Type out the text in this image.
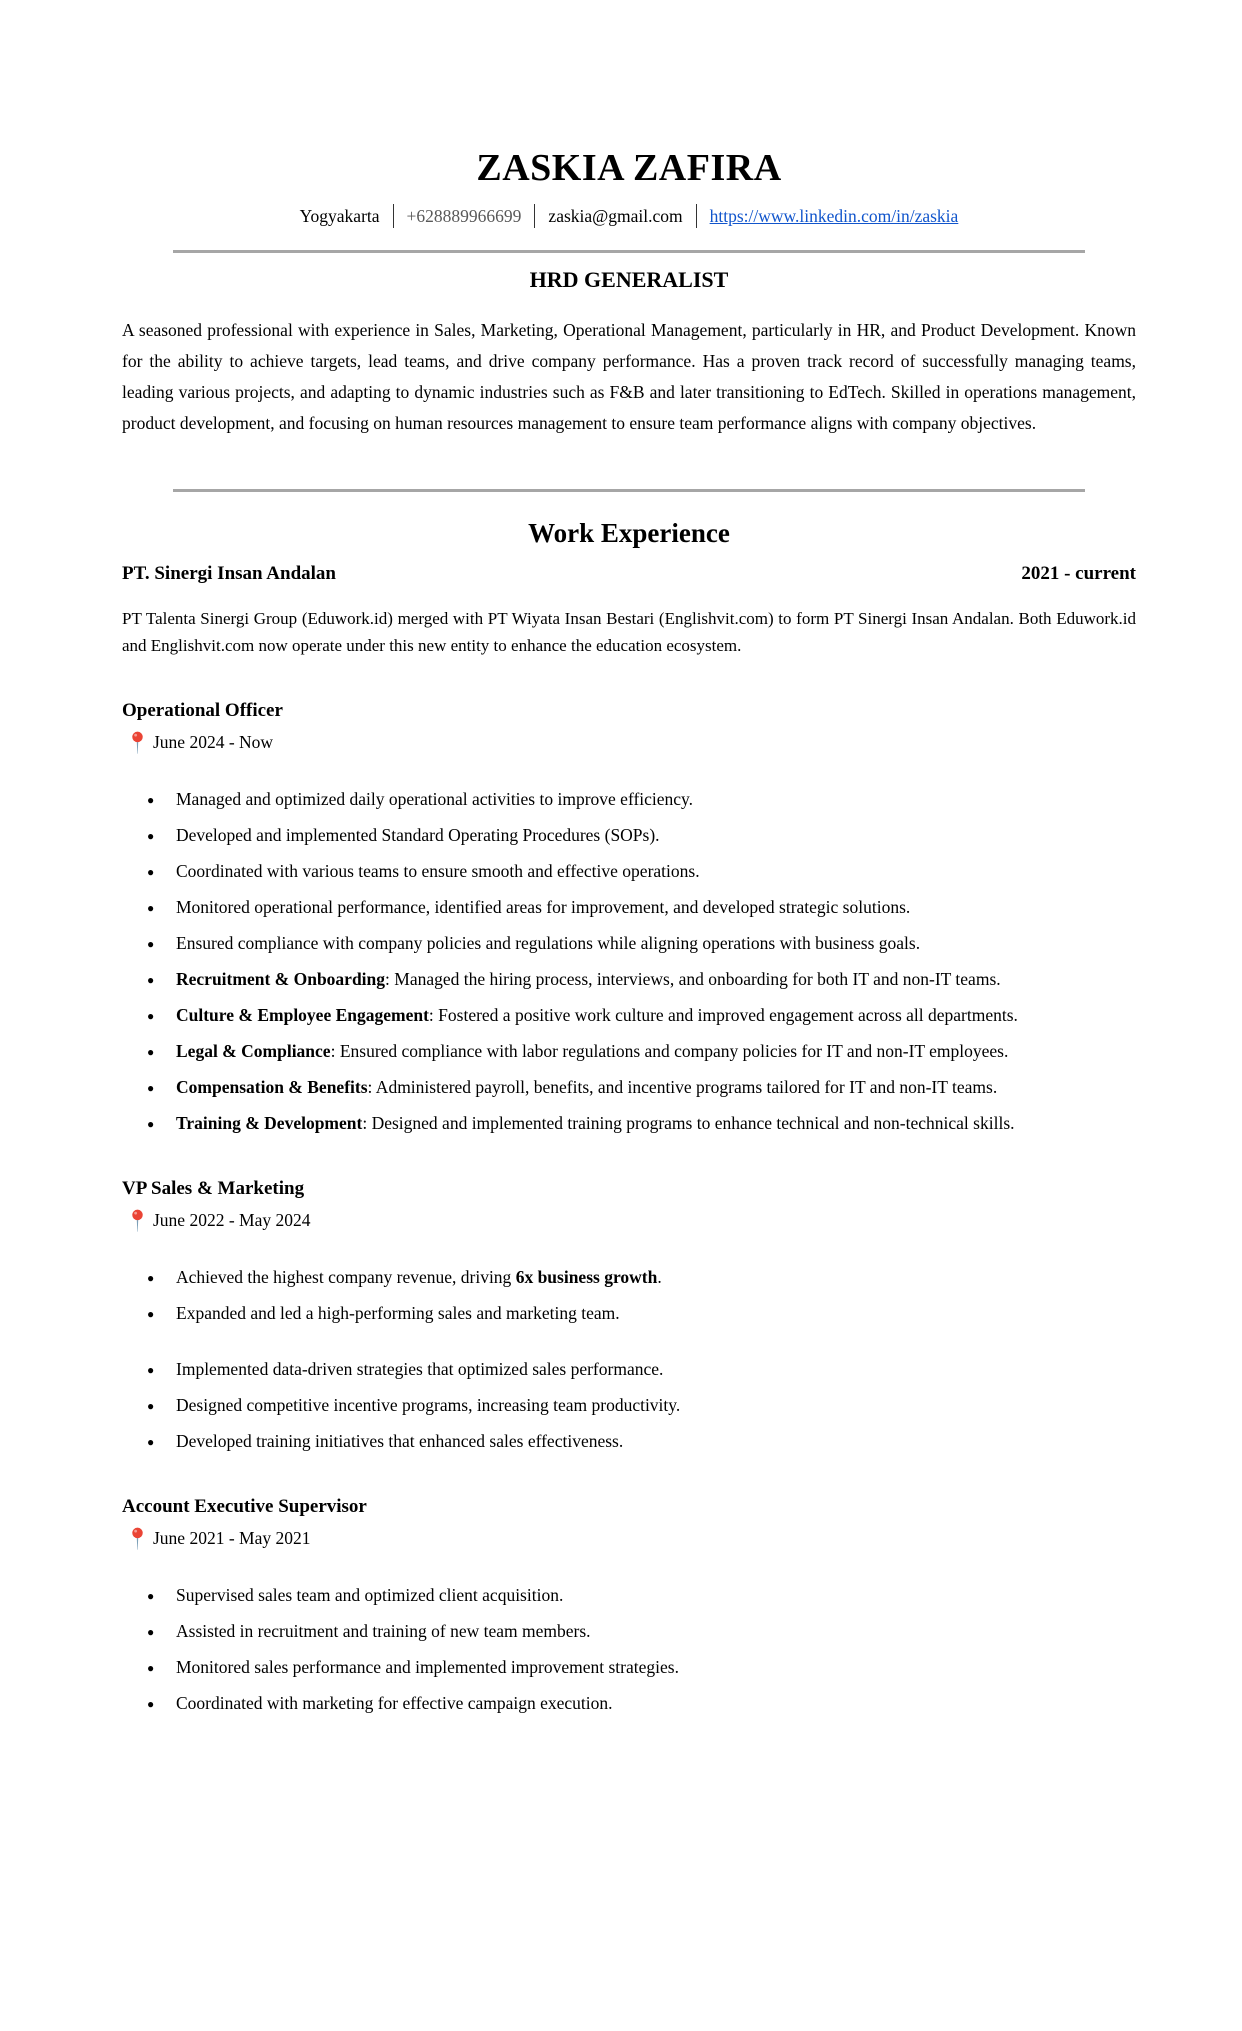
ZASKIA ZAFIRA
Yogyakarta +628889966699 zaskia@gmail.com https://www.linkedin.com/in/zaskia
HRD GENERALIST

A seasoned professional with experience in Sales, Marketing, Operational Management, particularly in HR, and Product Development. Known for the ability to achieve targets, lead teams, and drive company performance. Has a proven track record of successfully managing teams, leading various projects, and adapting to dynamic industries such as F&B and later transitioning to EdTech. Skilled in operations management, product development, and focusing on human resources management to ensure team performance aligns with company objectives.

Work Experience
PT. Sinergi Insan Andalan	2021 - current

PT Talenta Sinergi Group (Eduwork.id) merged with PT Wiyata Insan Bestari (Englishvit.com) to form PT Sinergi Insan Andalan. Both Eduwork.id and Englishvit.com now operate under this new entity to enhance the education ecosystem.

Operational Officer
June 2024 - Now
● Managed and optimized daily operational activities to improve efficiency.
● Developed and implemented Standard Operating Procedures (SOPs).
● Coordinated with various teams to ensure smooth and effective operations.
● Monitored operational performance, identified areas for improvement, and developed strategic solutions.
● Ensured compliance with company policies and regulations while aligning operations with business goals.
● Recruitment & Onboarding: Managed the hiring process, interviews, and onboarding for both IT and non-IT teams.
● Culture & Employee Engagement: Fostered a positive work culture and improved engagement across all departments.
● Legal & Compliance: Ensured compliance with labor regulations and company policies for IT and non-IT employees.
● Compensation & Benefits: Administered payroll, benefits, and incentive programs tailored for IT and non-IT teams.
● Training & Development: Designed and implemented training programs to enhance technical and non-technical skills.
VP Sales & Marketing
June 2022 - May 2024
● Achieved the highest company revenue, driving 6x business growth.
● Expanded and led a high-performing sales and marketing team.
● Implemented data-driven strategies that optimized sales performance.
● Designed competitive incentive programs, increasing team productivity.
● Developed training initiatives that enhanced sales effectiveness.
Account Executive Supervisor
June 2021 - May 2021
● Supervised sales team and optimized client acquisition.
● Assisted in recruitment and training of new team members.
● Monitored sales performance and implemented improvement strategies.
● Coordinated with marketing for effective campaign execution.
